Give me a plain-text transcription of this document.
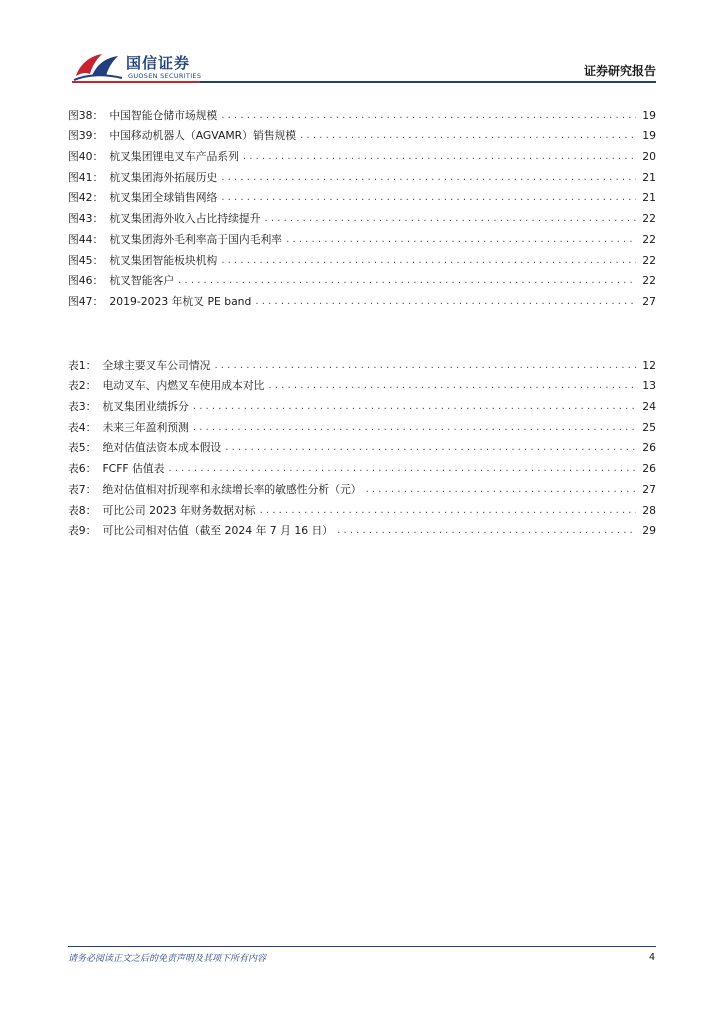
国信证券
GUOSEN SECURITIES	证券研究报告
图38： 中国智能仓储市场规模 . . .	19
图39： 中国移动机器人（AGVAMR）销售规模 . . .	19
图40： 杭叉集团锂电叉车产品系列 . . .	20
图41： 杭叉集团海外拓展历史 . . .	21
图42： 杭叉集团全球销售网络 . . .	21
图43： 杭叉集团海外收入占比持续提升 . . .	22
图44： 杭叉集团海外毛利率高于国内毛利率 . . .	22
图45： 杭叉集团智能板块机构 . . .	22
图46： 杭叉智能客户 . . .	22
图47： 2019-2023 年杭叉 PE band . . .	27
表1： 全球主要叉车公司情况 . . .	12
表2： 电动叉车、内燃叉车使用成本对比 . . .	13
表3： 杭叉集团业绩拆分 . . .	24
表4： 未来三年盈利预测 . . .	25
表5： 绝对估值法资本成本假设 . . .	26
表6： FCFF 估值表 . . .	26
表7： 绝对估值相对折现率和永续增长率的敏感性分析（元） . . .	27
表8： 可比公司 2023 年财务数据对标 . . .	28
表9： 可比公司相对估值（截至 2024 年 7 月 16 日） . . .	29
请务必阅读正文之后的免责声明及其项下所有内容	4
